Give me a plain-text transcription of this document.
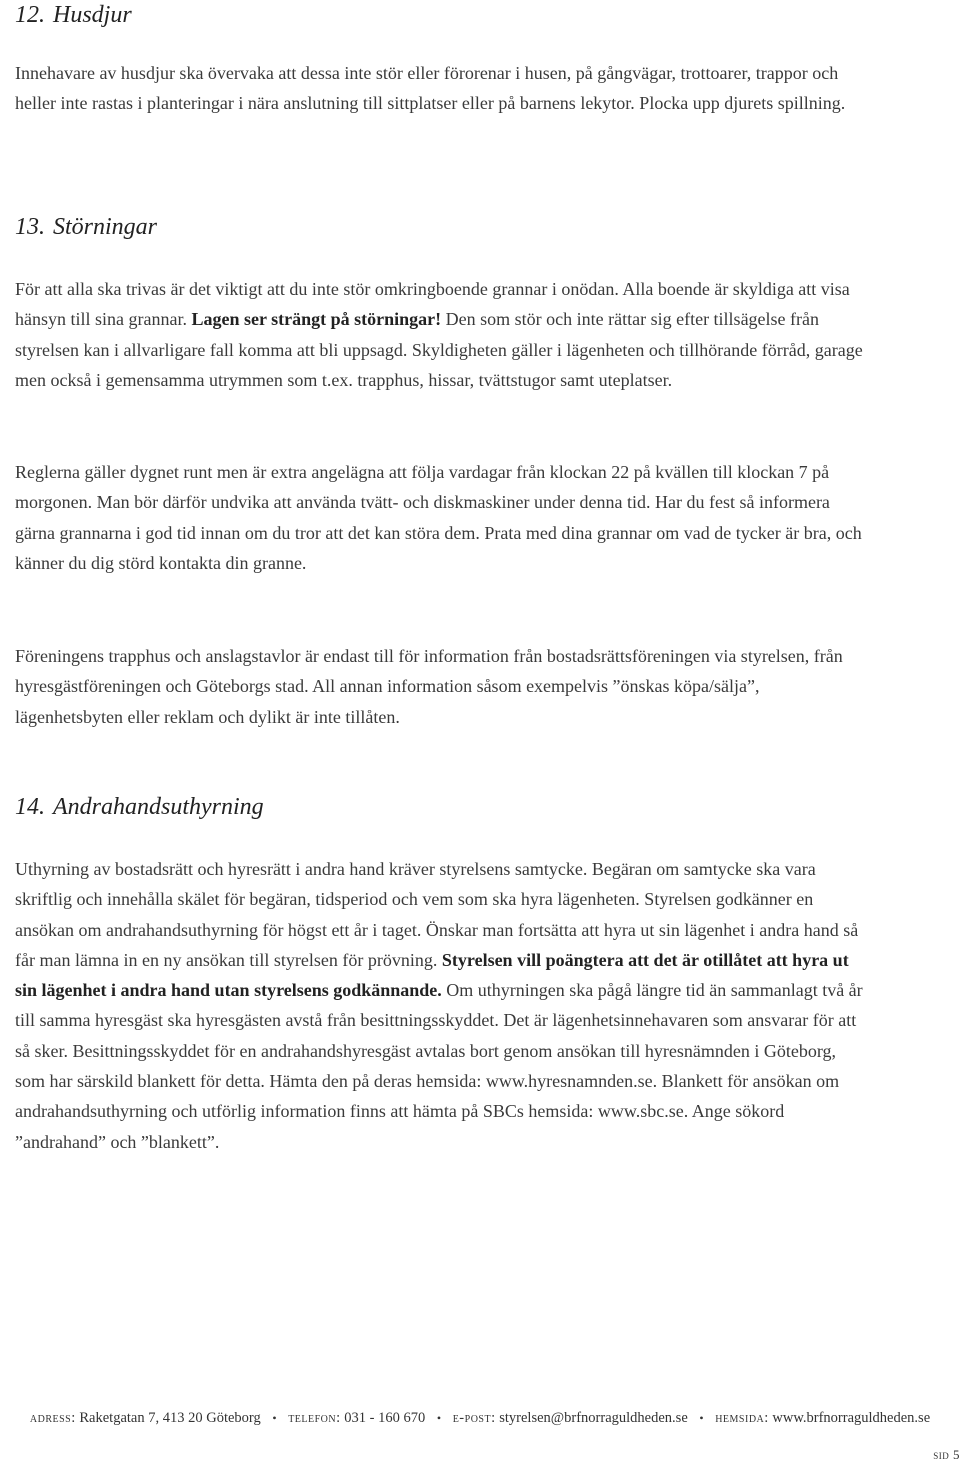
12. Husdjur

Innehavare av husdjur ska övervaka att dessa inte stör eller förorenar i husen, på gångvägar, trottoarer, trappor och heller inte rastas i planteringar i nära anslutning till sittplatser eller på barnens lekytor. Plocka upp djurets spillning.

13. Störningar

För att alla ska trivas är det viktigt att du inte stör omkringboende grannar i onödan. Alla boende är skyldiga att visa hänsyn till sina grannar. Lagen ser strängt på störningar! Den som stör och inte rättar sig efter tillsägelse från styrelsen kan i allvarligare fall komma att bli uppsagd. Skyldigheten gäller i lägenheten och tillhörande förråd, garage men också i gemensamma utrymmen som t.ex. trapphus, hissar, tvättstugor samt uteplatser.

Reglerna gäller dygnet runt men är extra angelägna att följa vardagar från klockan 22 på kvällen till klockan 7 på morgonen. Man bör därför undvika att använda tvätt- och diskmaskiner under denna tid. Har du fest så informera gärna grannarna i god tid innan om du tror att det kan störa dem. Prata med dina grannar om vad de tycker är bra, och känner du dig störd kontakta din granne.

Föreningens trapphus och anslagstavlor är endast till för information från bostadsrättsföreningen via styrelsen, från hyresgästföreningen och Göteborgs stad. All annan information såsom exempelvis ”önskas köpa/sälja”, lägenhetsbyten eller reklam och dylikt är inte tillåten.

14. Andrahandsuthyrning

Uthyrning av bostadsrätt och hyresrätt i andra hand kräver styrelsens samtycke. Begäran om samtycke ska vara skriftlig och innehålla skälet för begäran, tidsperiod och vem som ska hyra lägenheten. Styrelsen godkänner en ansökan om andrahandsuthyrning för högst ett år i taget. Önskar man fortsätta att hyra ut sin lägenhet i andra hand så får man lämna in en ny ansökan till styrelsen för prövning. Styrelsen vill poängtera att det är otillåtet att hyra ut sin lägenhet i andra hand utan styrelsens godkännande. Om uthyrningen ska pågå längre tid än sammanlagt två år till samma hyresgäst ska hyresgästen avstå från besittningsskyddet. Det är lägenhetsinnehavaren som ansvarar för att så sker. Besittningsskyddet för en andrahandshyresgäst avtalas bort genom ansökan till hyresnämnden i Göteborg, som har särskild blankett för detta. Hämta den på deras hemsida: www.hyresnamnden.se. Blankett för ansökan om andrahandsuthyrning och utförlig information finns att hämta på SBCs hemsida: www.sbc.se. Ange sökord ”andrahand” och ”blankett”.

adress: Raketgatan 7, 413 20 Göteborg • telefon: 031 - 160 670 • e-post: styrelsen@brfnorraguldheden.se • hemsida: www.brfnorraguldheden.se
sid 5
